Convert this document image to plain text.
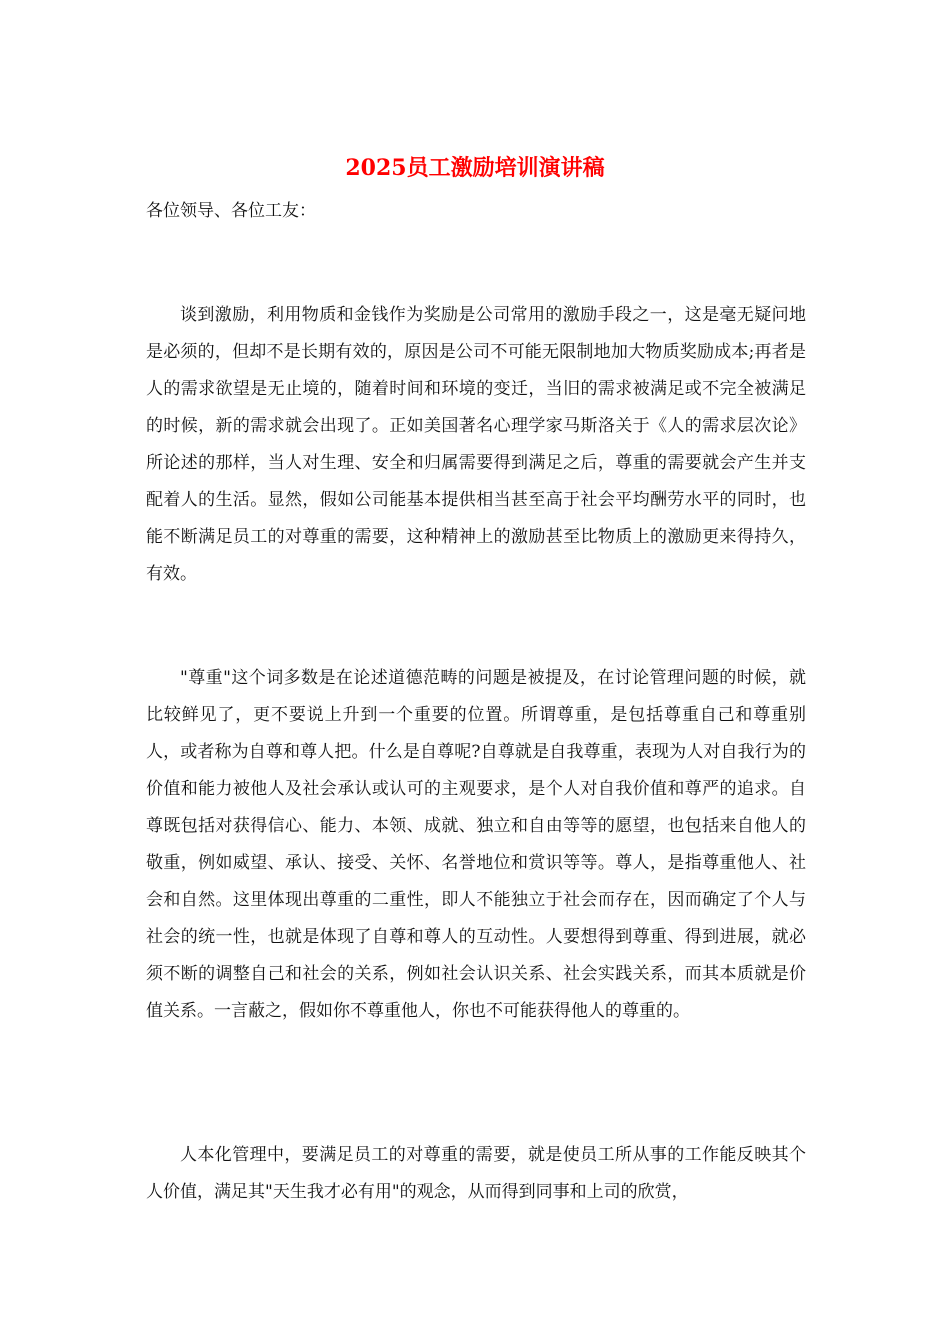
2025员工激励培训演讲稿

各位领导、各位工友：

谈到激励，利用物质和金钱作为奖励是公司常用的激励手段之一，这是毫无疑问地是必须的，但却不是长期有效的，原因是公司不可能无限制地加大物质奖励成本;再者是人的需求欲望是无止境的，随着时间和环境的变迁，当旧的需求被满足或不完全被满足的时候，新的需求就会出现了。正如美国著名心理学家马斯洛关于《人的需求层次论》所论述的那样，当人对生理、安全和归属需要得到满足之后，尊重的需要就会产生并支配着人的生活。显然，假如公司能基本提供相当甚至高于社会平均酬劳水平的同时，也能不断满足员工的对尊重的需要，这种精神上的激励甚至比物质上的激励更来得持久，有效。

"尊重"这个词多数是在论述道德范畴的问题是被提及，在讨论管理问题的时候，就比较鲜见了，更不要说上升到一个重要的位置。所谓尊重，是包括尊重自己和尊重别人，或者称为自尊和尊人把。什么是自尊呢?自尊就是自我尊重，表现为人对自我行为的价值和能力被他人及社会承认或认可的主观要求，是个人对自我价值和尊严的追求。自尊既包括对获得信心、能力、本领、成就、独立和自由等等的愿望，也包括来自他人的敬重，例如威望、承认、接受、关怀、名誉地位和赏识等等。尊人，是指尊重他人、社会和自然。这里体现出尊重的二重性，即人不能独立于社会而存在，因而确定了个人与社会的统一性，也就是体现了自尊和尊人的互动性。人要想得到尊重、得到进展，就必须不断的调整自己和社会的关系，例如社会认识关系、社会实践关系，而其本质就是价值关系。一言蔽之，假如你不尊重他人，你也不可能获得他人的尊重的。

人本化管理中，要满足员工的对尊重的需要，就是使员工所从事的工作能反映其个人价值，满足其"天生我才必有用"的观念，从而得到同事和上司的欣赏，
